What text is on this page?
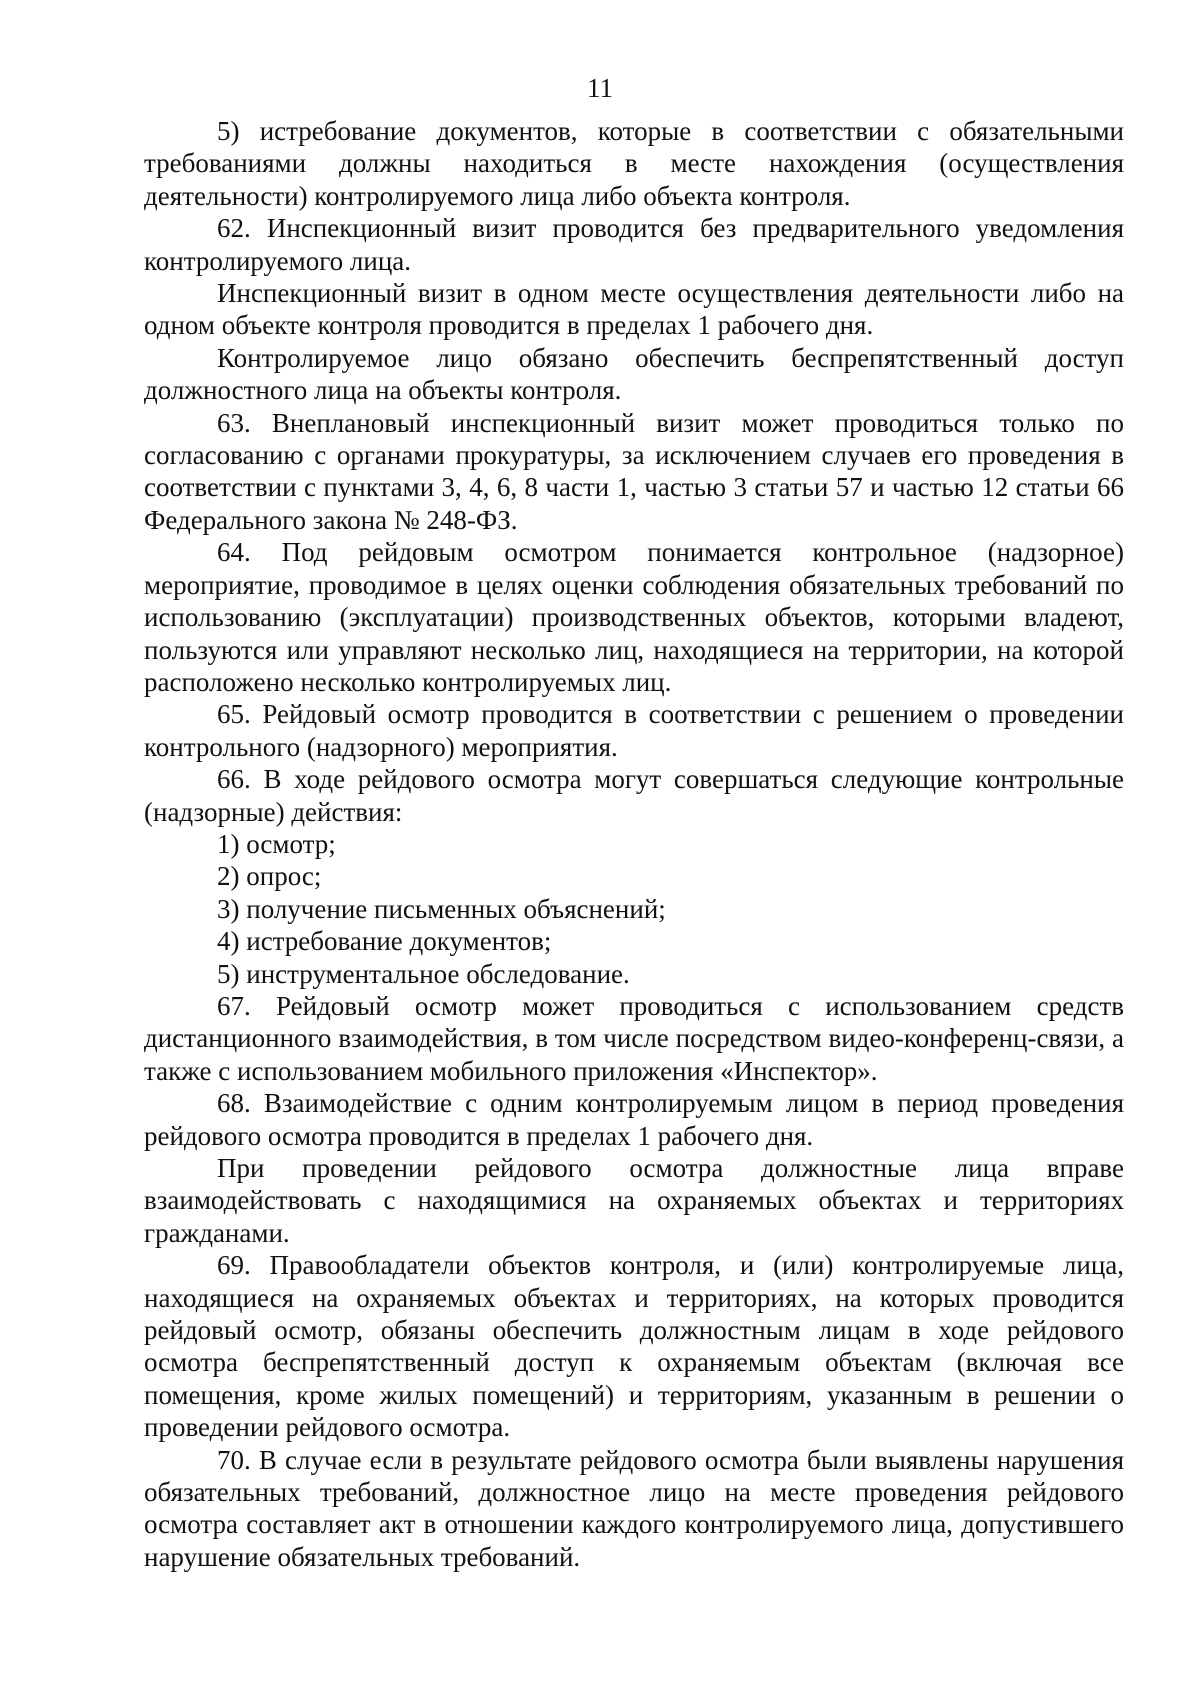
11

5) истребование документов, которые в соответствии с обязательными требованиями должны находиться в месте нахождения (осуществления деятельности) контролируемого лица либо объекта контроля.

62. Инспекционный визит проводится без предварительного уведомления контролируемого лица.

Инспекционный визит в одном месте осуществления деятельности либо на одном объекте контроля проводится в пределах 1 рабочего дня.

Контролируемое лицо обязано обеспечить беспрепятственный доступ должностного лица на объекты контроля.

63. Внеплановый инспекционный визит может проводиться только по согласованию с органами прокуратуры, за исключением случаев его проведения в соответствии с пунктами 3, 4, 6, 8 части 1, частью 3 статьи 57 и частью 12 статьи 66 Федерального закона № 248-ФЗ.

64. Под рейдовым осмотром понимается контрольное (надзорное) мероприятие, проводимое в целях оценки соблюдения обязательных требований по использованию (эксплуатации) производственных объектов, которыми владеют, пользуются или управляют несколько лиц, находящиеся на территории, на которой расположено несколько контролируемых лиц.

65. Рейдовый осмотр проводится в соответствии с решением о проведении контрольного (надзорного) мероприятия.

66. В ходе рейдового осмотра могут совершаться следующие контрольные (надзорные) действия:

1) осмотр;

2) опрос;

3) получение письменных объяснений;

4) истребование документов;

5) инструментальное обследование.

67. Рейдовый осмотр может проводиться с использованием средств дистанционного взаимодействия, в том числе посредством видео-конференц-связи, а также с использованием мобильного приложения «Инспектор».

68. Взаимодействие с одним контролируемым лицом в период проведения рейдового осмотра проводится в пределах 1 рабочего дня.

При проведении рейдового осмотра должностные лица вправе взаимодействовать с находящимися на охраняемых объектах и территориях гражданами.

69. Правообладатели объектов контроля, и (или) контролируемые лица, находящиеся на охраняемых объектах и территориях, на которых проводится рейдовый осмотр, обязаны обеспечить должностным лицам в ходе рейдового осмотра беспрепятственный доступ к охраняемым объектам (включая все помещения, кроме жилых помещений) и территориям, указанным в решении о проведении рейдового осмотра.

70. В случае если в результате рейдового осмотра были выявлены нарушения обязательных требований, должностное лицо на месте проведения рейдового осмотра составляет акт в отношении каждого контролируемого лица, допустившего нарушение обязательных требований.
